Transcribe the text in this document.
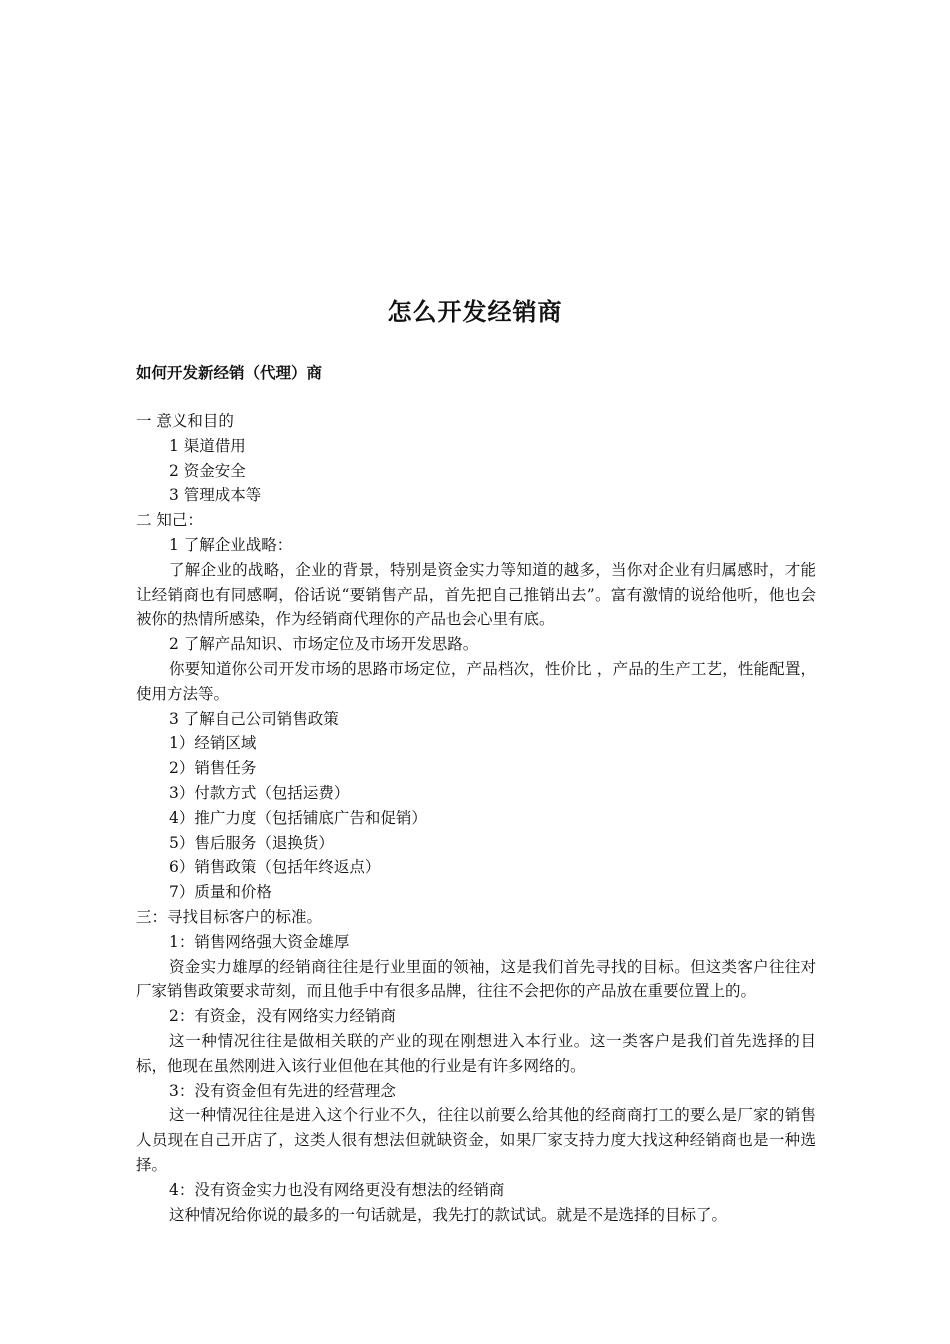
怎么开发经销商
如何开发新经销（代理）商

一 意义和目的

1 渠道借用

2 资金安全

3 管理成本等

二 知己：

1 了解企业战略：

了解企业的战略，企业的背景，特别是资金实力等知道的越多，当你对企业有归属感时，才能让经销商也有同感啊，俗话说“要销售产品，首先把自己推销出去”。富有激情的说给他听，他也会被你的热情所感染，作为经销商代理你的产品也会心里有底。

2 了解产品知识、市场定位及市场开发思路。

你要知道你公司开发市场的思路市场定位，产品档次，性价比 ，产品的生产工艺，性能配置，使用方法等。

3 了解自己公司销售政策

1）经销区域

2）销售任务

3）付款方式（包括运费）

4）推广力度（包括铺底广告和促销）

5）售后服务（退换货）

6）销售政策（包括年终返点）

7）质量和价格

三：寻找目标客户的标准。

1：销售网络强大资金雄厚

资金实力雄厚的经销商往往是行业里面的领袖，这是我们首先寻找的目标。但这类客户往往对厂家销售政策要求苛刻，而且他手中有很多品牌，往往不会把你的产品放在重要位置上的。

2：有资金，没有网络实力经销商

这一种情况往往是做相关联的产业的现在刚想进入本行业。这一类客户是我们首先选择的目标，他现在虽然刚进入该行业但他在其他的行业是有许多网络的。

3：没有资金但有先进的经营理念

这一种情况往往是进入这个行业不久，往往以前要么给其他的经商商打工的要么是厂家的销售人员现在自己开店了，这类人很有想法但就缺资金，如果厂家支持力度大找这种经销商也是一种选择。

4：没有资金实力也没有网络更没有想法的经销商

这种情况给你说的最多的一句话就是，我先打的款试试。就是不是选择的目标了。
